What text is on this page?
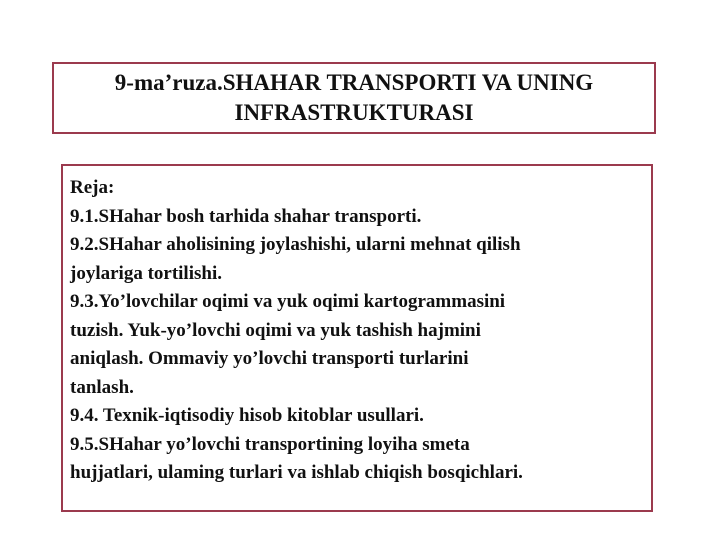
9-ma’ruza.SHAHAR TRANSPORTI VA UNING
INFRASTRUKTURASI
Reja:
9.1.SHahar bosh tarhida shahar transporti.
9.2.SHahar aholisining joylashishi, ularni mehnat qilish
joylariga tortilishi.
9.3.Yo’lovchilar oqimi va yuk oqimi kartogrammasini
tuzish. Yuk-yo’lovchi oqimi va yuk tashish hajmini
aniqlash. Ommaviy yo’lovchi transporti turlarini
tanlash.
9.4. Texnik-iqtisodiy hisob kitoblar usullari.
9.5.SHahar yo’lovchi transportining loyiha smeta
hujjatlari, ulaming turlari va ishlab chiqish bosqichlari.
